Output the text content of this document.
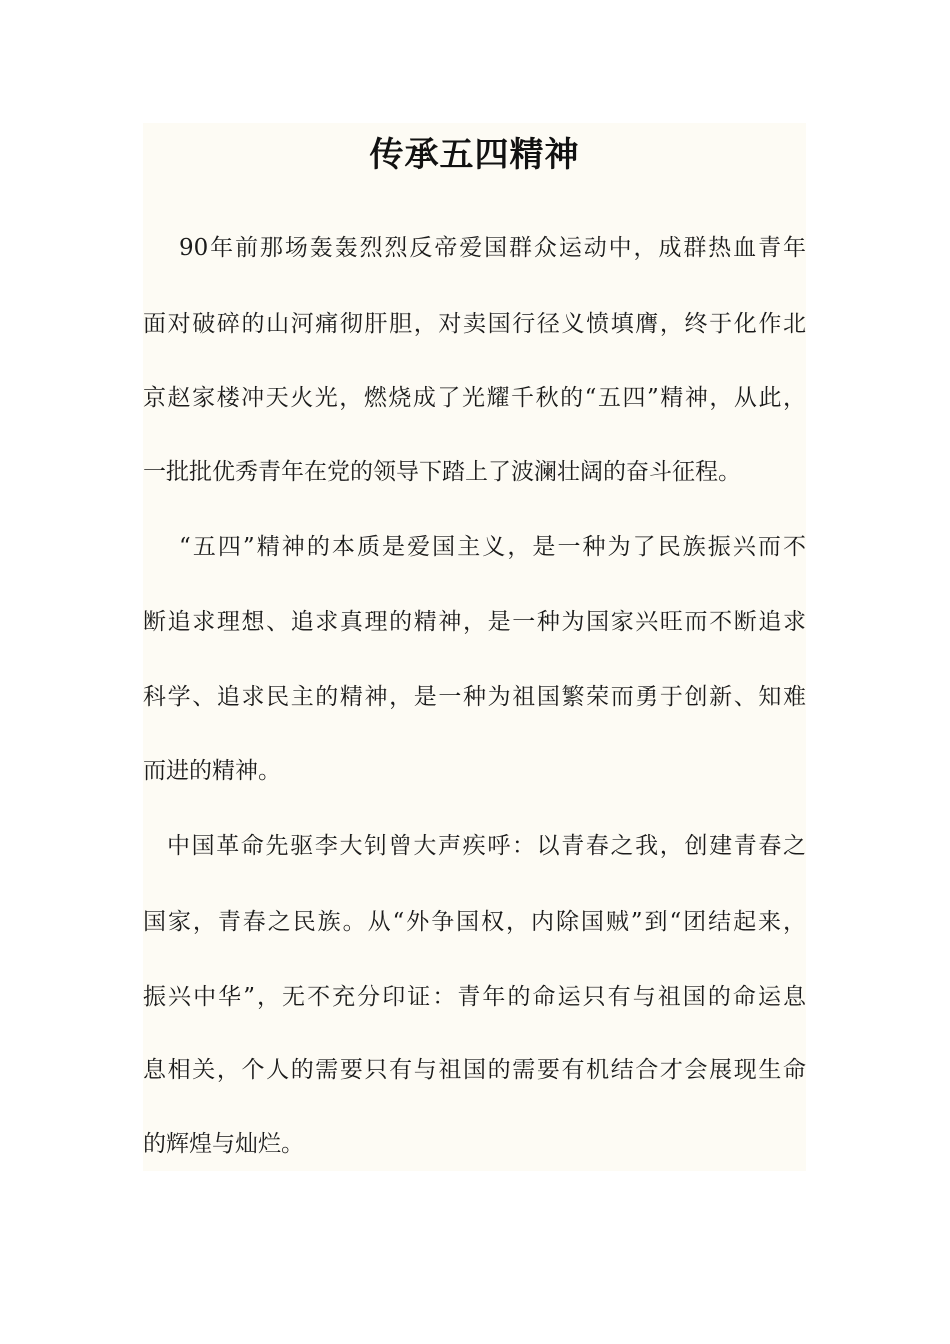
传承五四精神
90年前那场轰轰烈烈反帝爱国群众运动中，成群热血青年
面对破碎的山河痛彻肝胆，对卖国行径义愤填膺，终于化作北
京赵家楼冲天火光，燃烧成了光耀千秋的“五四”精神，从此，
一批批优秀青年在党的领导下踏上了波澜壮阔的奋斗征程。
“五四”精神的本质是爱国主义，是一种为了民族振兴而不
断追求理想、追求真理的精神，是一种为国家兴旺而不断追求
科学、追求民主的精神，是一种为祖国繁荣而勇于创新、知难
而进的精神。
中国革命先驱李大钊曾大声疾呼：以青春之我，创建青春之
国家，青春之民族。从“外争国权，内除国贼”到“团结起来，
振兴中华”，无不充分印证：青年的命运只有与祖国的命运息
息相关，个人的需要只有与祖国的需要有机结合才会展现生命
的辉煌与灿烂。
